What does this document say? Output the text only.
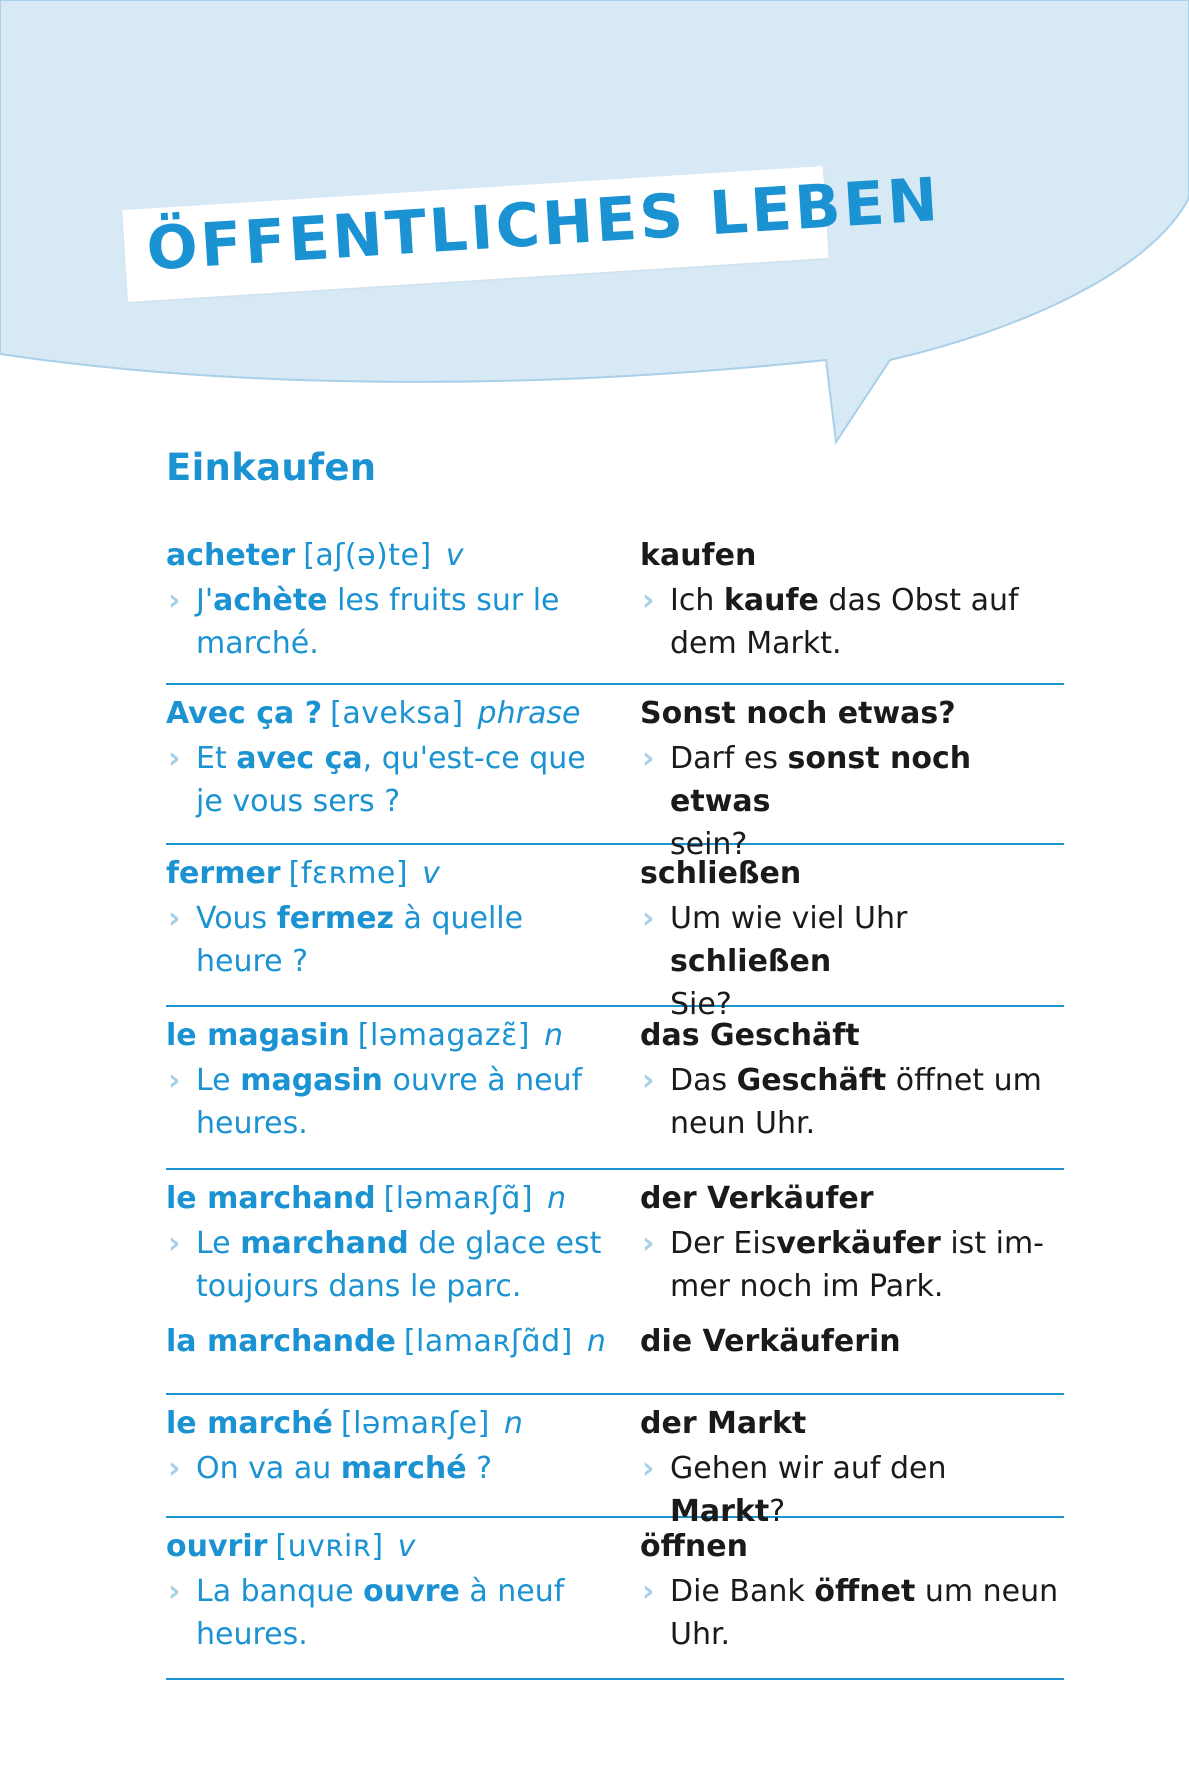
ÖFFENTLICHES LEBEN
Einkaufen
acheter [aʃ(ə)te] v
› J'achète les fruits sur le
marché.
kaufen
› Ich kaufe das Obst auf
dem Markt.
Avec ça ? [aveksa] phrase
› Et avec ça, qu'est-ce que
je vous sers ?
Sonst noch etwas?
› Darf es sonst noch etwas
sein?
fermer [fɛʀme] v
› Vous fermez à quelle
heure ?
schließen
› Um wie viel Uhr schließen
Sie?
le magasin [ləmagazɛ̃] n
› Le magasin ouvre à neuf
heures.
das Geschäft
› Das Geschäft öffnet um
neun Uhr.
le marchand [ləmaʀʃɑ̃] n
› Le marchand de glace est
toujours dans le parc.
der Verkäufer
› Der Eisverkäufer ist im-
mer noch im Park.
la marchande [lamaʀʃɑ̃d] n	die Verkäuferin
le marché [ləmaʀʃe] n
› On va au marché ?
der Markt
› Gehen wir auf den Markt?
ouvrir [uvʀiʀ] v
› La banque ouvre à neuf
heures.
öffnen
› Die Bank öffnet um neun
Uhr.
